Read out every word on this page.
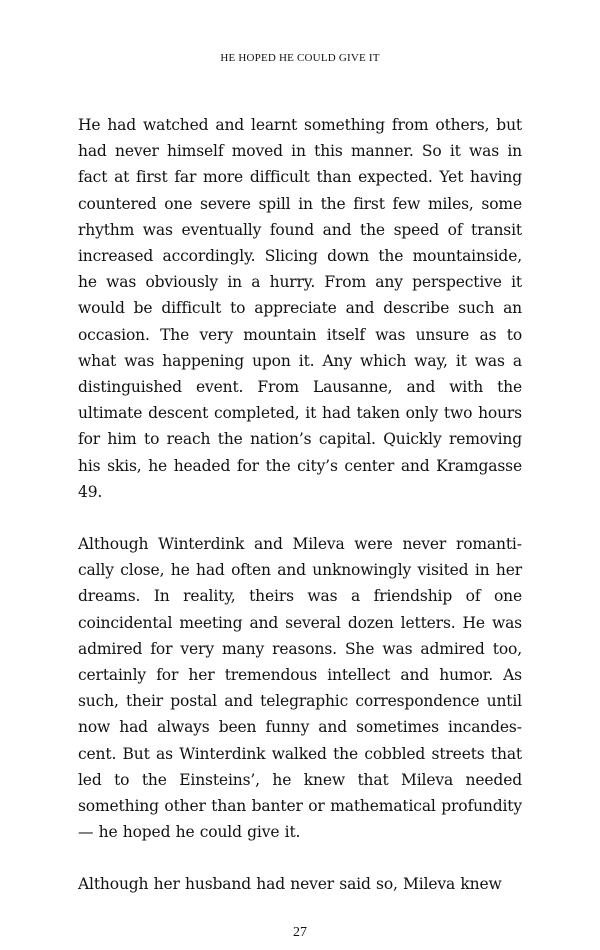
HE HOPED HE COULD GIVE IT

He had watched and learnt something from others, but had never himself moved in this manner. So it was in fact at first far more difficult than expected. Yet having countered one severe spill in the first few miles, some rhythm was eventually found and the speed of transit increased accordingly. Slicing down the mountainside, he was obviously in a hurry. From any perspective it would be difficult to appreciate and describe such an occasion. The very mountain itself was unsure as to what was happening upon it. Any which way, it was a distinguished event. From Lausanne, and with the ultimate descent completed, it had taken only two hours for him to reach the nation’s capital. Quickly removing his skis, he headed for the city’s center and Kramgasse 49.

Although Winterdink and Mileva were never romantically close, he had often and unknowingly visited in her dreams. In reality, theirs was a friendship of one coincidental meeting and several dozen letters. He was admired for very many reasons. She was admired too, certainly for her tremendous intellect and humor. As such, their postal and telegraphic correspondence until now had always been funny and sometimes incandescent. But as Winterdink walked the cobbled streets that led to the Einsteins’, he knew that Mileva needed something other than banter or mathematical profundity — he hoped he could give it.

Although her husband had never said so, Mileva knew

27
